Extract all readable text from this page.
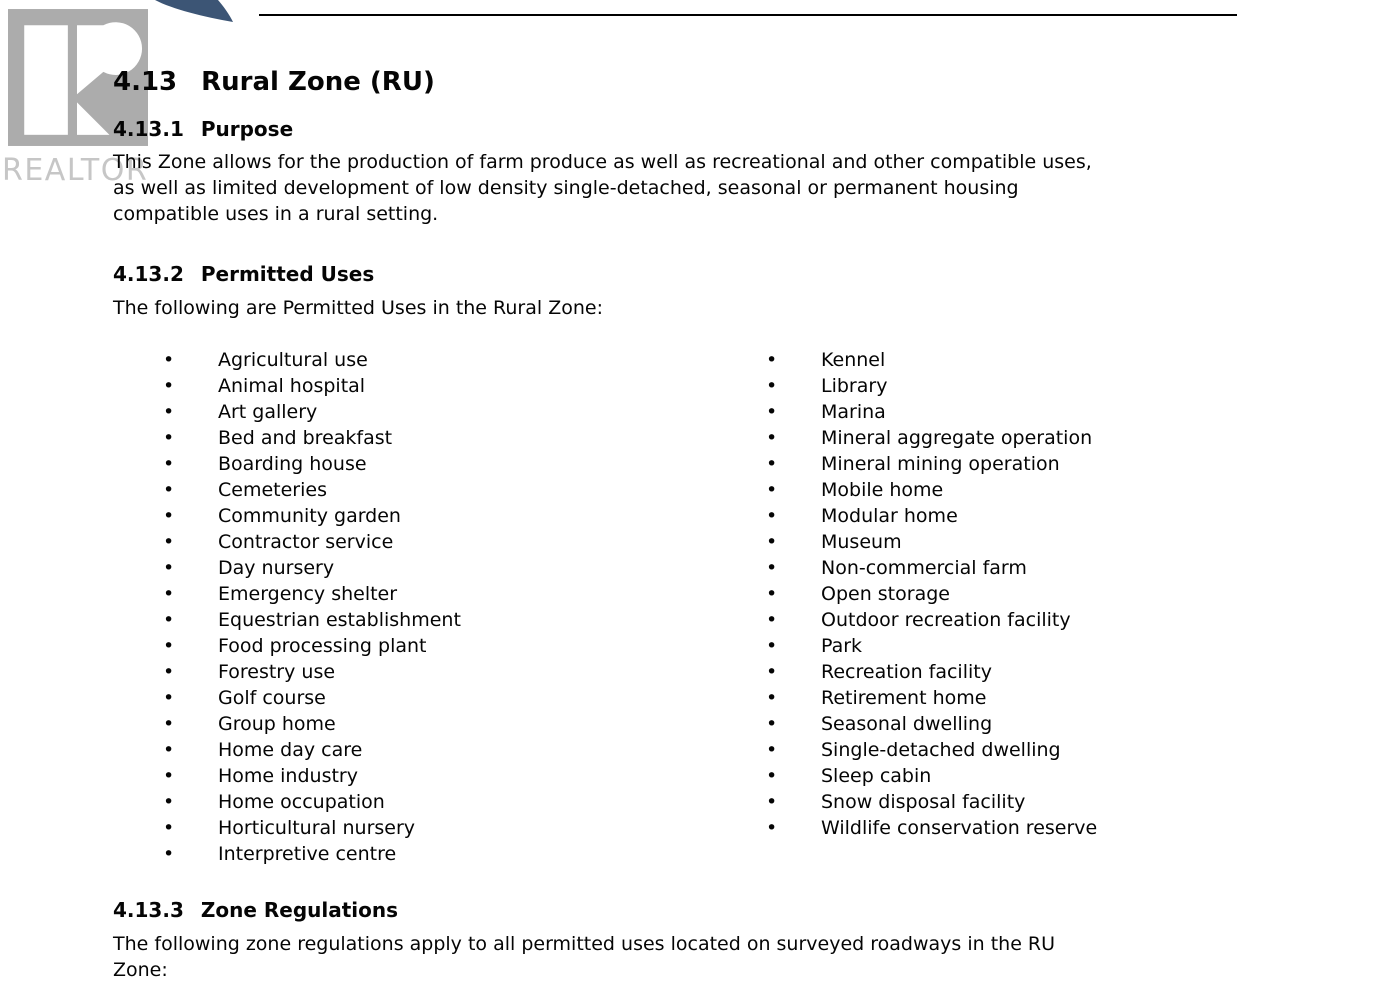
REALTOR
4.13 Rural Zone (RU)
4.13.1 Purpose
This Zone allows for the production of farm produce as well as recreational and other compatible uses,
as well as limited development of low density single-detached, seasonal or permanent housing
compatible uses in a rural setting.
4.13.2 Permitted Uses
The following are Permitted Uses in the Rural Zone:
• Agricultural use
• Animal hospital
• Art gallery
• Bed and breakfast
• Boarding house
• Cemeteries
• Community garden
• Contractor service
• Day nursery
• Emergency shelter
• Equestrian establishment
• Food processing plant
• Forestry use
• Golf course
• Group home
• Home day care
• Home industry
• Home occupation
• Horticultural nursery
• Interpretive centre
• Kennel
• Library
• Marina
• Mineral aggregate operation
• Mineral mining operation
• Mobile home
• Modular home
• Museum
• Non-commercial farm
• Open storage
• Outdoor recreation facility
• Park
• Recreation facility
• Retirement home
• Seasonal dwelling
• Single-detached dwelling
• Sleep cabin
• Snow disposal facility
• Wildlife conservation reserve
4.13.3 Zone Regulations
The following zone regulations apply to all permitted uses located on surveyed roadways in the RU
Zone:
